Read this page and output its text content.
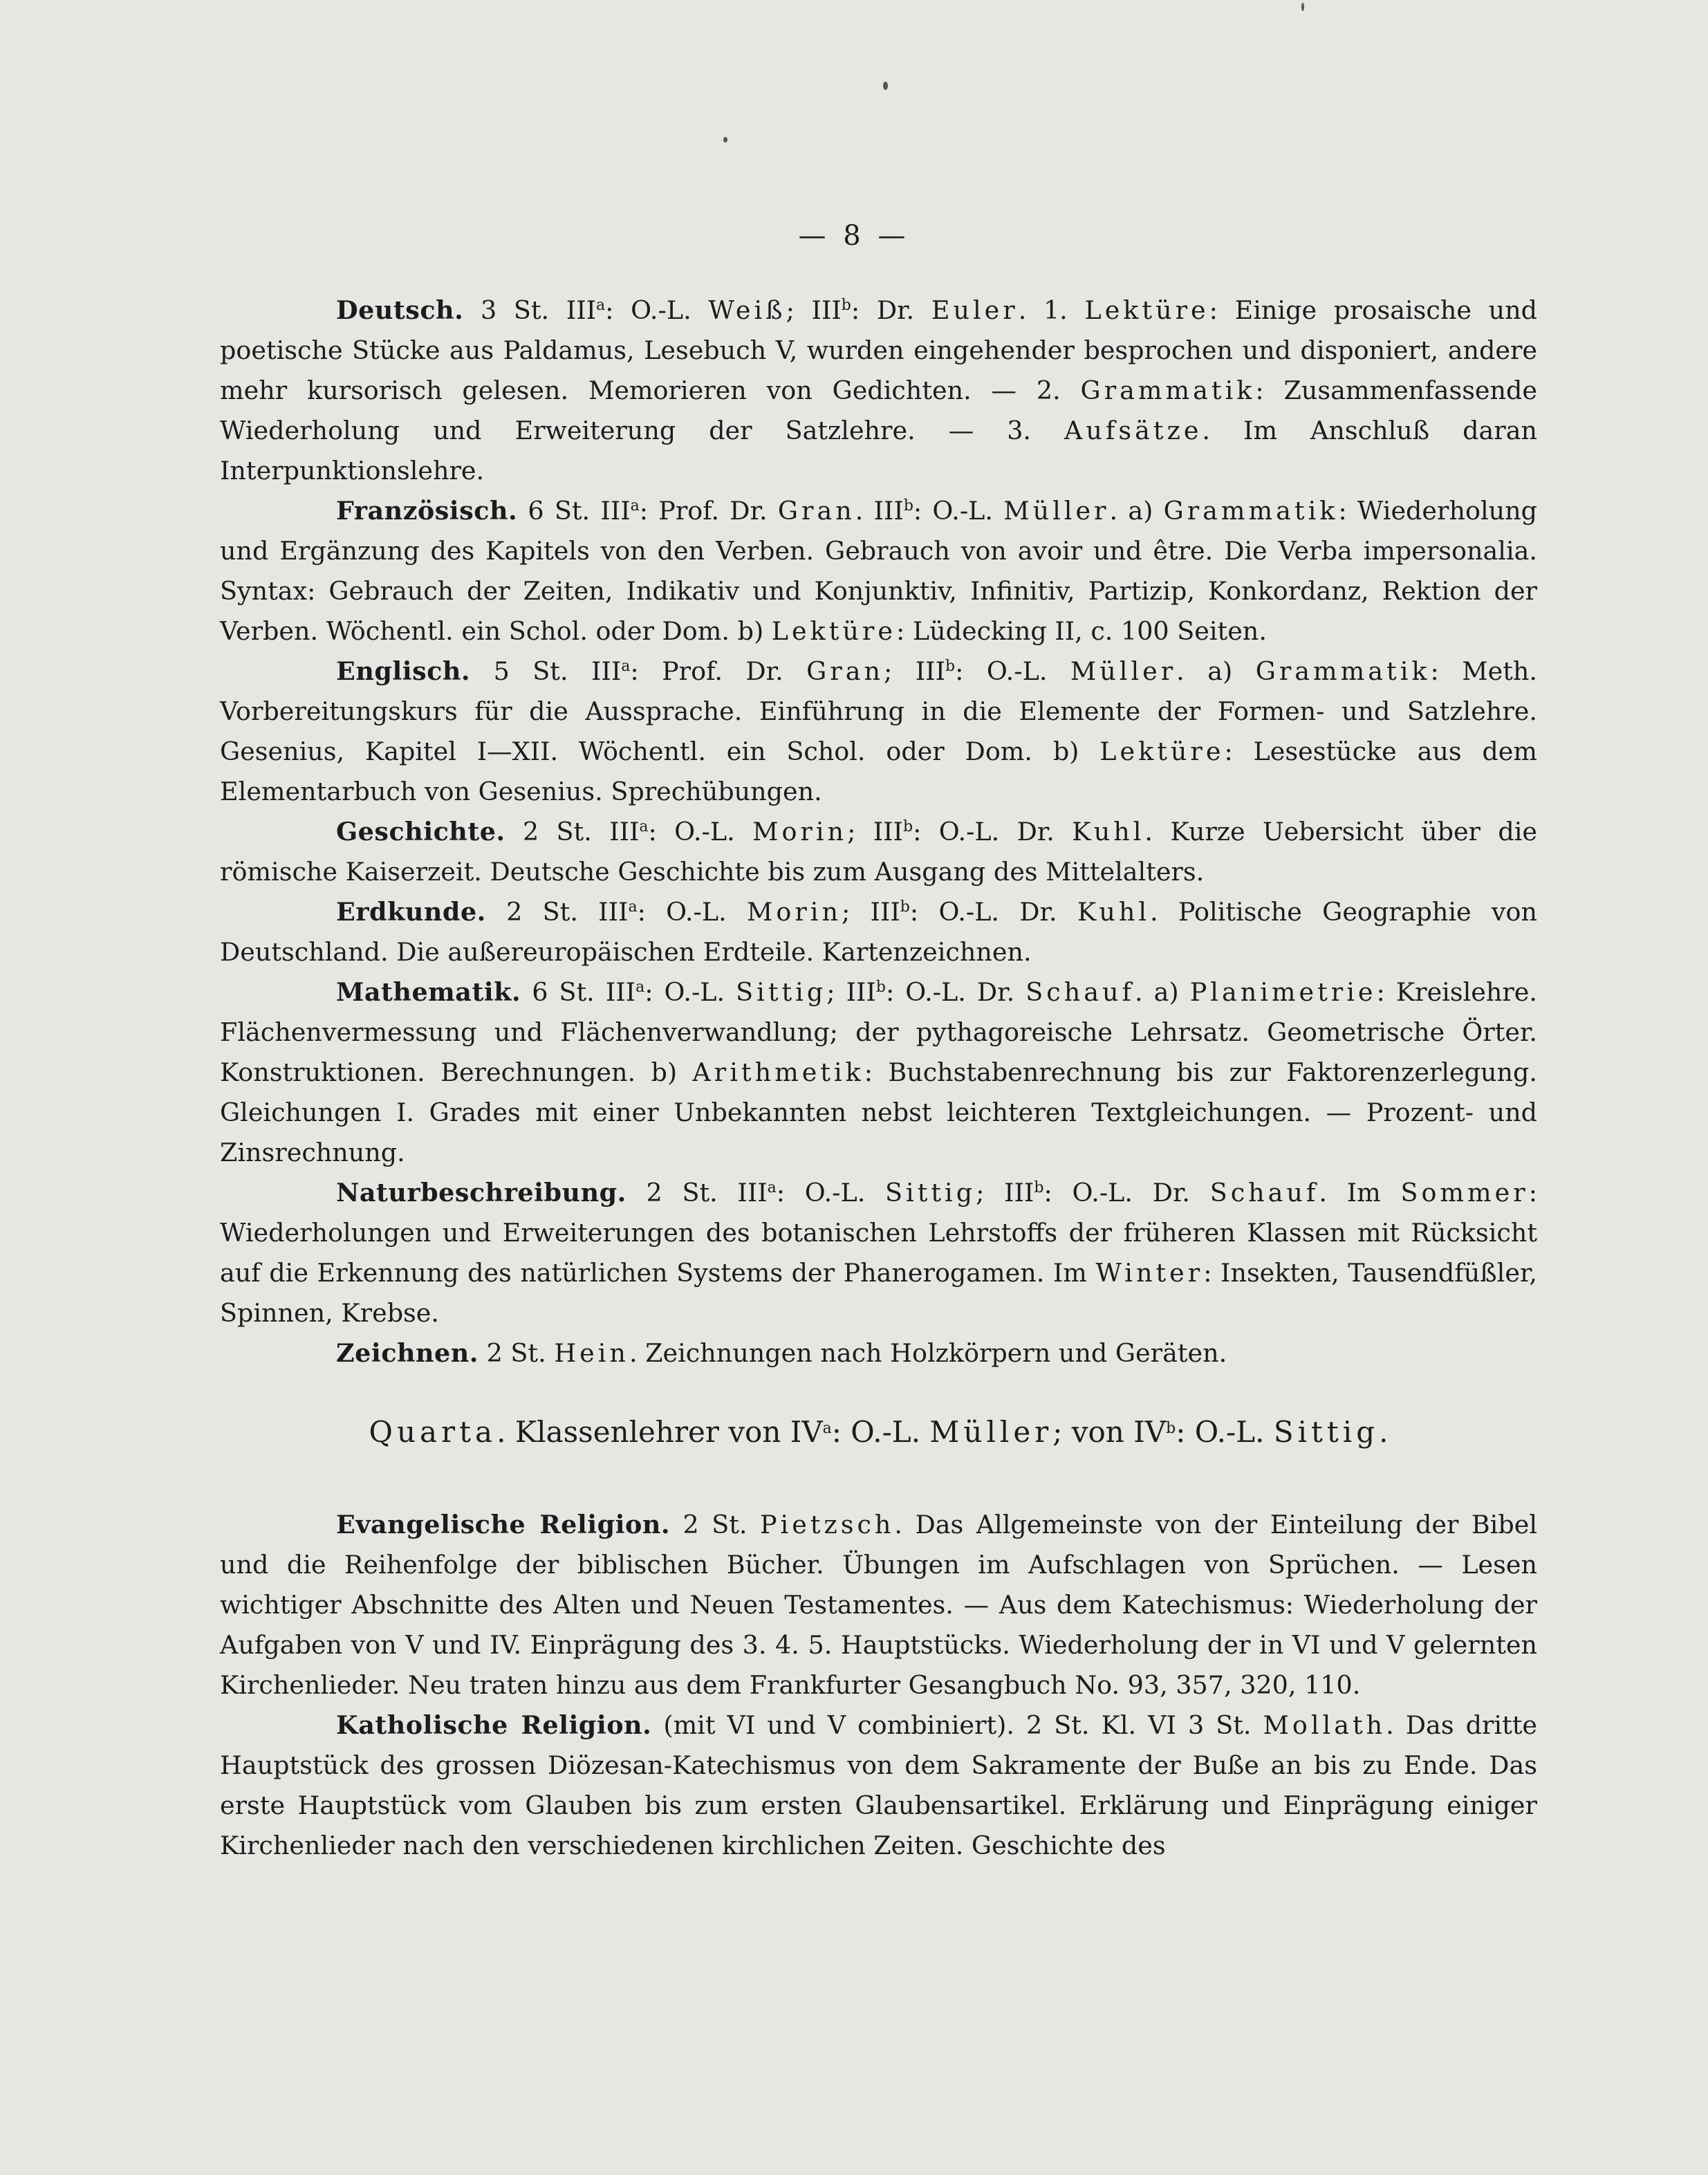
— 8 —

Deutsch. 3 St. III$^a$: O.-L. Weiß; III$^b$: Dr. Euler. 1. Lektüre: Einige prosaische und poetische Stücke aus Paldamus, Lesebuch V, wurden eingehender besprochen und disponiert, andere mehr kursorisch gelesen. Memorieren von Gedichten. — 2. Grammatik: Zusammenfassende Wiederholung und Erweiterung der Satzlehre. — 3. Aufsätze. Im Anschluß daran Interpunktionslehre.

Französisch. 6 St. III$^a$: Prof. Dr. Gran. III$^b$: O.-L. Müller. a) Grammatik: Wiederholung und Ergänzung des Kapitels von den Verben. Gebrauch von avoir und être. Die Verba impersonalia. Syntax: Gebrauch der Zeiten, Indikativ und Konjunktiv, Infinitiv, Partizip, Konkordanz, Rektion der Verben. Wöchentl. ein Schol. oder Dom. b) Lektüre: Lüdecking II, c. 100 Seiten.

Englisch. 5 St. III$^a$: Prof. Dr. Gran; III$^b$: O.-L. Müller. a) Grammatik: Meth. Vorbereitungskurs für die Aussprache. Einführung in die Elemente der Formen- und Satzlehre. Gesenius, Kapitel I—XII. Wöchentl. ein Schol. oder Dom. b) Lektüre: Lesestücke aus dem Elementarbuch von Gesenius. Sprechübungen.

Geschichte. 2 St. III$^a$: O.-L. Morin; III$^b$: O.-L. Dr. Kuhl. Kurze Uebersicht über die römische Kaiserzeit. Deutsche Geschichte bis zum Ausgang des Mittelalters.

Erdkunde. 2 St. III$^a$: O.-L. Morin; III$^b$: O.-L. Dr. Kuhl. Politische Geographie von Deutschland. Die außereuropäischen Erdteile. Kartenzeichnen.

Mathematik. 6 St. III$^a$: O.-L. Sittig; III$^b$: O.-L. Dr. Schauf. a) Planimetrie: Kreislehre. Flächenvermessung und Flächenverwandlung; der pythagoreische Lehrsatz. Geometrische Örter. Konstruktionen. Berechnungen. b) Arithmetik: Buchstabenrechnung bis zur Faktorenzerlegung. Gleichungen I. Grades mit einer Unbekannten nebst leichteren Textgleichungen. — Prozent- und Zinsrechnung.

Naturbeschreibung. 2 St. III$^a$: O.-L. Sittig; III$^b$: O.-L. Dr. Schauf. Im Sommer: Wiederholungen und Erweiterungen des botanischen Lehrstoffs der früheren Klassen mit Rücksicht auf die Erkennung des natürlichen Systems der Phanerogamen. Im Winter: Insekten, Tausendfüßler, Spinnen, Krebse.

Zeichnen. 2 St. Hein. Zeichnungen nach Holzkörpern und Geräten.

Quarta. Klassenlehrer von $IV^a$: O.-L. Müller; von $IV^b$: O.-L. Sittig.

Evangelische Religion. 2 St. Pietzsch. Das Allgemeinste von der Einteilung der Bibel und die Reihenfolge der biblischen Bücher. Übungen im Aufschlagen von Sprüchen. — Lesen wichtiger Abschnitte des Alten und Neuen Testamentes. — Aus dem Katechismus: Wiederholung der Aufgaben von V und IV. Einprägung des 3. 4. 5. Hauptstücks. Wiederholung der in VI und V gelernten Kirchenlieder. Neu traten hinzu aus dem Frankfurter Gesangbuch No. 93, 357, 320, 110.

Katholische Religion. (mit VI und V combiniert). 2 St. Kl. VI 3 St. Mollath. Das dritte Hauptstück des grossen Diözesan-Katechismus von dem Sakramente der Buße an bis zu Ende. Das erste Hauptstück vom Glauben bis zum ersten Glaubensartikel. Erklärung und Einprägung einiger Kirchenlieder nach den verschiedenen kirchlichen Zeiten. Geschichte des
